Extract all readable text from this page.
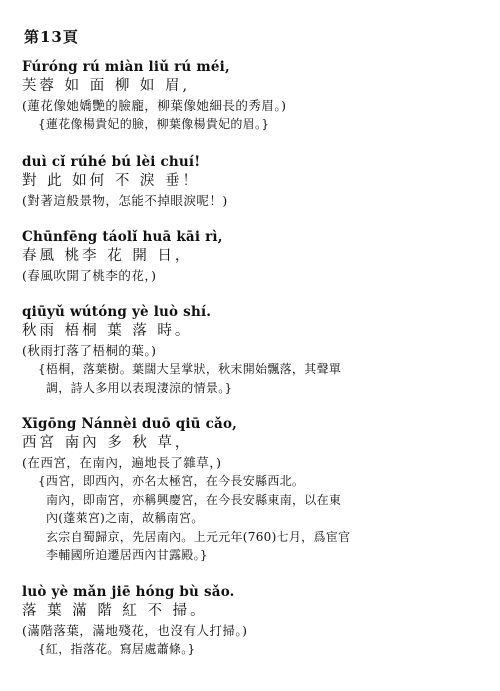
第13頁
Fúróng rú miàn liǔ rú méi,
芙蓉 如 面 柳 如 眉,
(蓮花像她嬌艷的臉龐，柳葉像她細長的秀眉。)
{蓮花像楊貴妃的臉，柳葉像楊貴妃的眉。}
duì cǐ rúhé bú lèi chuí!
對 此 如何 不 淚 垂！
(對著這般景物，怎能不掉眼淚呢！)
Chūnfēng táolǐ huā kāi rì,
春風 桃李 花 開 日，
(春風吹開了桃李的花，)
qiūyǔ wútóng yè luò shí.
秋雨 梧桐 葉 落 時。
(秋雨打落了梧桐的葉。)
{梧桐，落葉樹。葉闊大呈掌狀，秋末開始飄落，其聲單
調，詩人多用以表現淒涼的情景。}
Xīgōng Nánnèi duō qiū cǎo,
西宮 南內 多 秋 草，
(在西宮，在南內，遍地長了雜草，)
{西宮，即西內，亦名太極宮，在今長安縣西北。
南內，即南宮，亦稱興慶宮，在今長安縣東南，以在東
內(蓬萊宮)之南，故稱南宮。
玄宗自蜀歸京，先居南內。上元元年(760)七月，爲宦官
李輔國所迫遷居西內甘露殿。}
luò yè mǎn jiē hóng bù sǎo.
落 葉 滿 階 紅 不 掃。
(滿階落葉，滿地殘花，也沒有人打掃。)
{紅，指落花。寫居處蕭條。}
